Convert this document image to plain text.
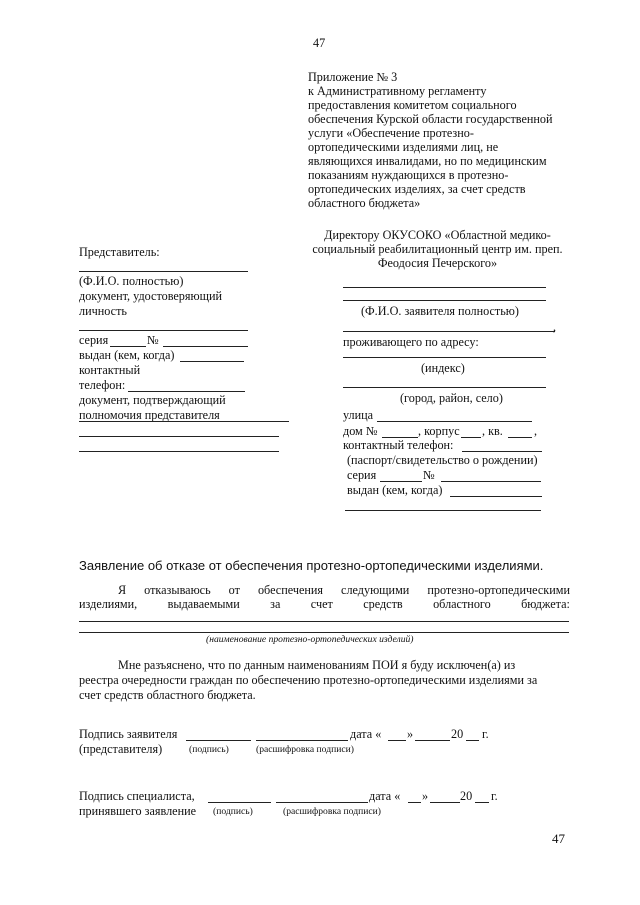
47
Приложение № 3
к Административному регламенту
предоставления комитетом социального
обеспечения Курской области государственной
услуги «Обеспечение протезно-
ортопедическими изделиями лиц, не
являющихся инвалидами, но по медицинским
показаниям нуждающихся в протезно-
ортопедических изделиях, за счет средств
областного бюджета»
Директору ОКУСОКО «Областной медико-
социальный реабилитационный центр им. преп.
Феодосия Печерского»
(Ф.И.О. заявителя полностью)
,
проживающего по адресу:
(индекс)
(город, район, село)
улица
дом №	, корпус , кв.	,
контактный телефон:
(паспорт/свидетельство о рождении)
серия	№
выдан (кем, когда)
Представитель:
(Ф.И.О. полностью)
документ, удостоверяющий
личность
серия	№
выдан (кем, когда)
контактный
телефон:
документ, подтверждающий
полномочия представителя
Заявление об отказе от обеспечения протезно-ортопедическими изделиями.
Я отказываюсь от обеспечения следующими протезно-ортопедическими
изделиями, выдаваемыми за счет средств областного бюджета:
(наименование протезно-ортопедических изделий)
Мне разъяснено, что по данным наименованиям ПОИ я буду исключен(а) из
реестра очередности граждан по обеспечению протезно-ортопедическими изделиями за
счет средств областного бюджета.
Подпись заявителя	дата « »	20 г.
(представителя)	(подпись)	(расшифровка подписи)
Подпись специалиста,	дата « »	20 г.
принявшего заявление (подпись)	(расшифровка подписи)
47
